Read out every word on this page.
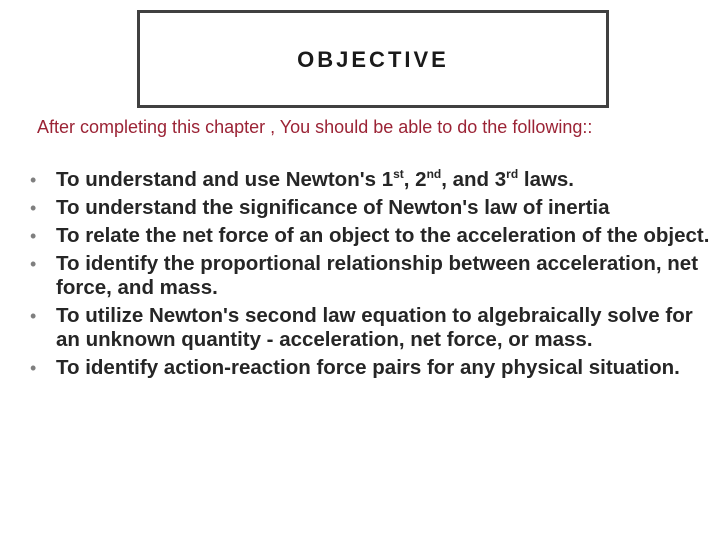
OBJECTIVE
After completing this chapter , You should be able to do the following::
• To understand and use Newton's 1st, 2nd, and 3rd laws.
• To understand the significance of Newton's law of inertia
• To relate the net force of an object to the acceleration of the object.
• To identify the proportional relationship between acceleration, net force, and mass.
• To utilize Newton's second law equation to algebraically solve for an unknown quantity - acceleration, net force, or mass.
• To identify action-reaction force pairs for any physical situation.
